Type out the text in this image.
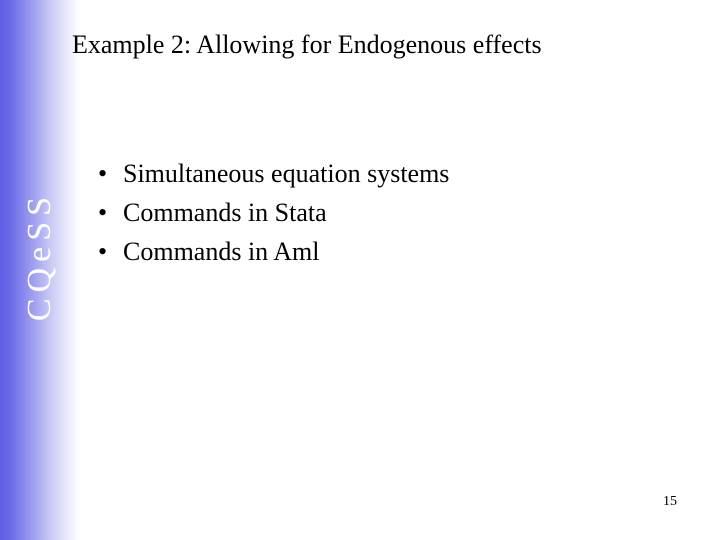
CQeSS
Example 2: Allowing for Endogenous effects
• Simultaneous equation systems
• Commands in Stata
• Commands in Aml
15
